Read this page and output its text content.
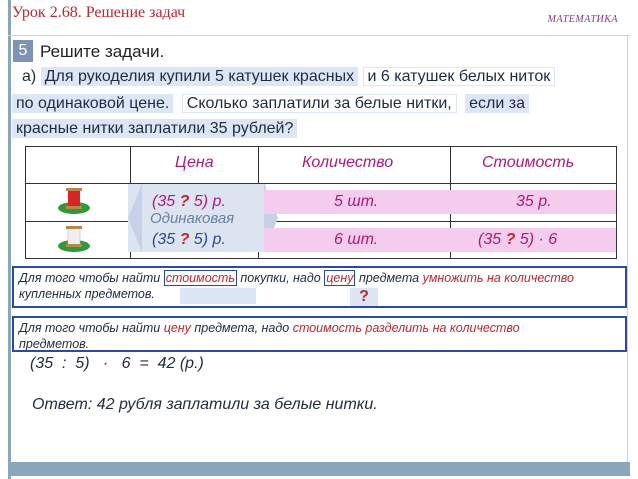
Урок 2.68. Решение задач	МАТЕМАТИКА
5 Решите задачи.
а) Для рукоделия купили 5 катушек красных и 6 катушек белых ниток
по одинаковой цене. Сколько заплатили за белые нитки, если за
красные нитки заплатили 35 рублей?
Цена	Количество	Стоимость
(35 ? 5) р.	5 шт.	35 р.
Одинаковая
(35 ? 5) р.	6 шт.	(35 ? 5) · 6
Для того чтобы найти стоимость покупки, надо цену предмета умножить на количество
купленных предметов.	?
Для того чтобы найти цену предмета, надо стоимость разделить на количество
предметов.
(35  :  5)   ·   6  =  42 (р.)
Ответ: 42 рубля заплатили за белые нитки.
